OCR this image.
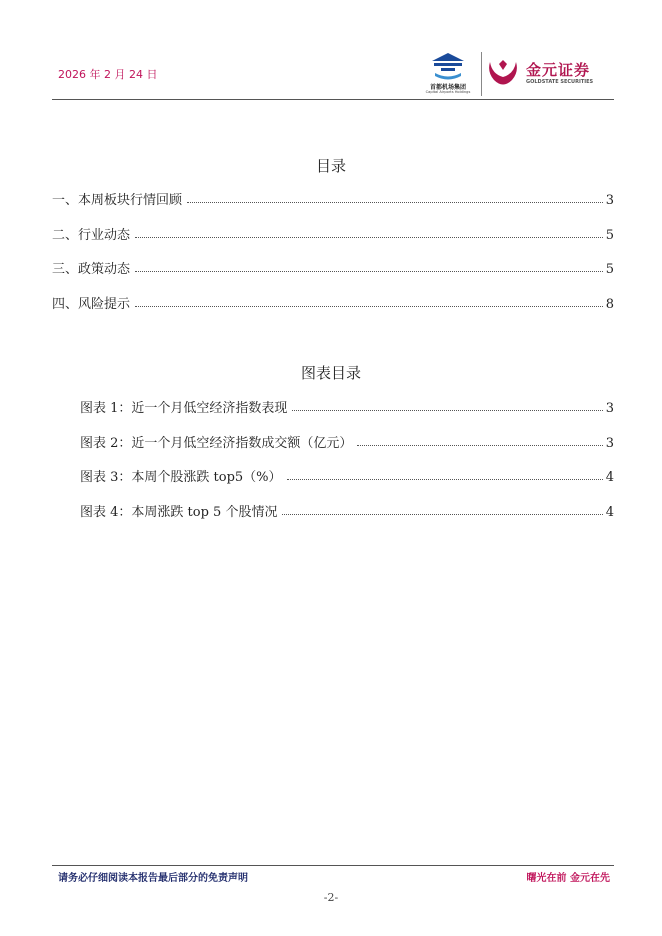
2026 年 2 月 24 日
首都机场集团
Capital Airports Holdings
金元证券
GOLDSTATE SECURITIES
目录
一、本周板块行情回顾	3
二、行业动态	5
三、政策动态	5
四、风险提示	8
图表目录
图表 1：近一个月低空经济指数表现	3
图表 2：近一个月低空经济指数成交额（亿元）	3
图表 3：本周个股涨跌 top5（%）	4
图表 4：本周涨跌 top 5 个股情况	4
请务必仔细阅读本报告最后部分的免责声明	曙光在前 金元在先
-2-
